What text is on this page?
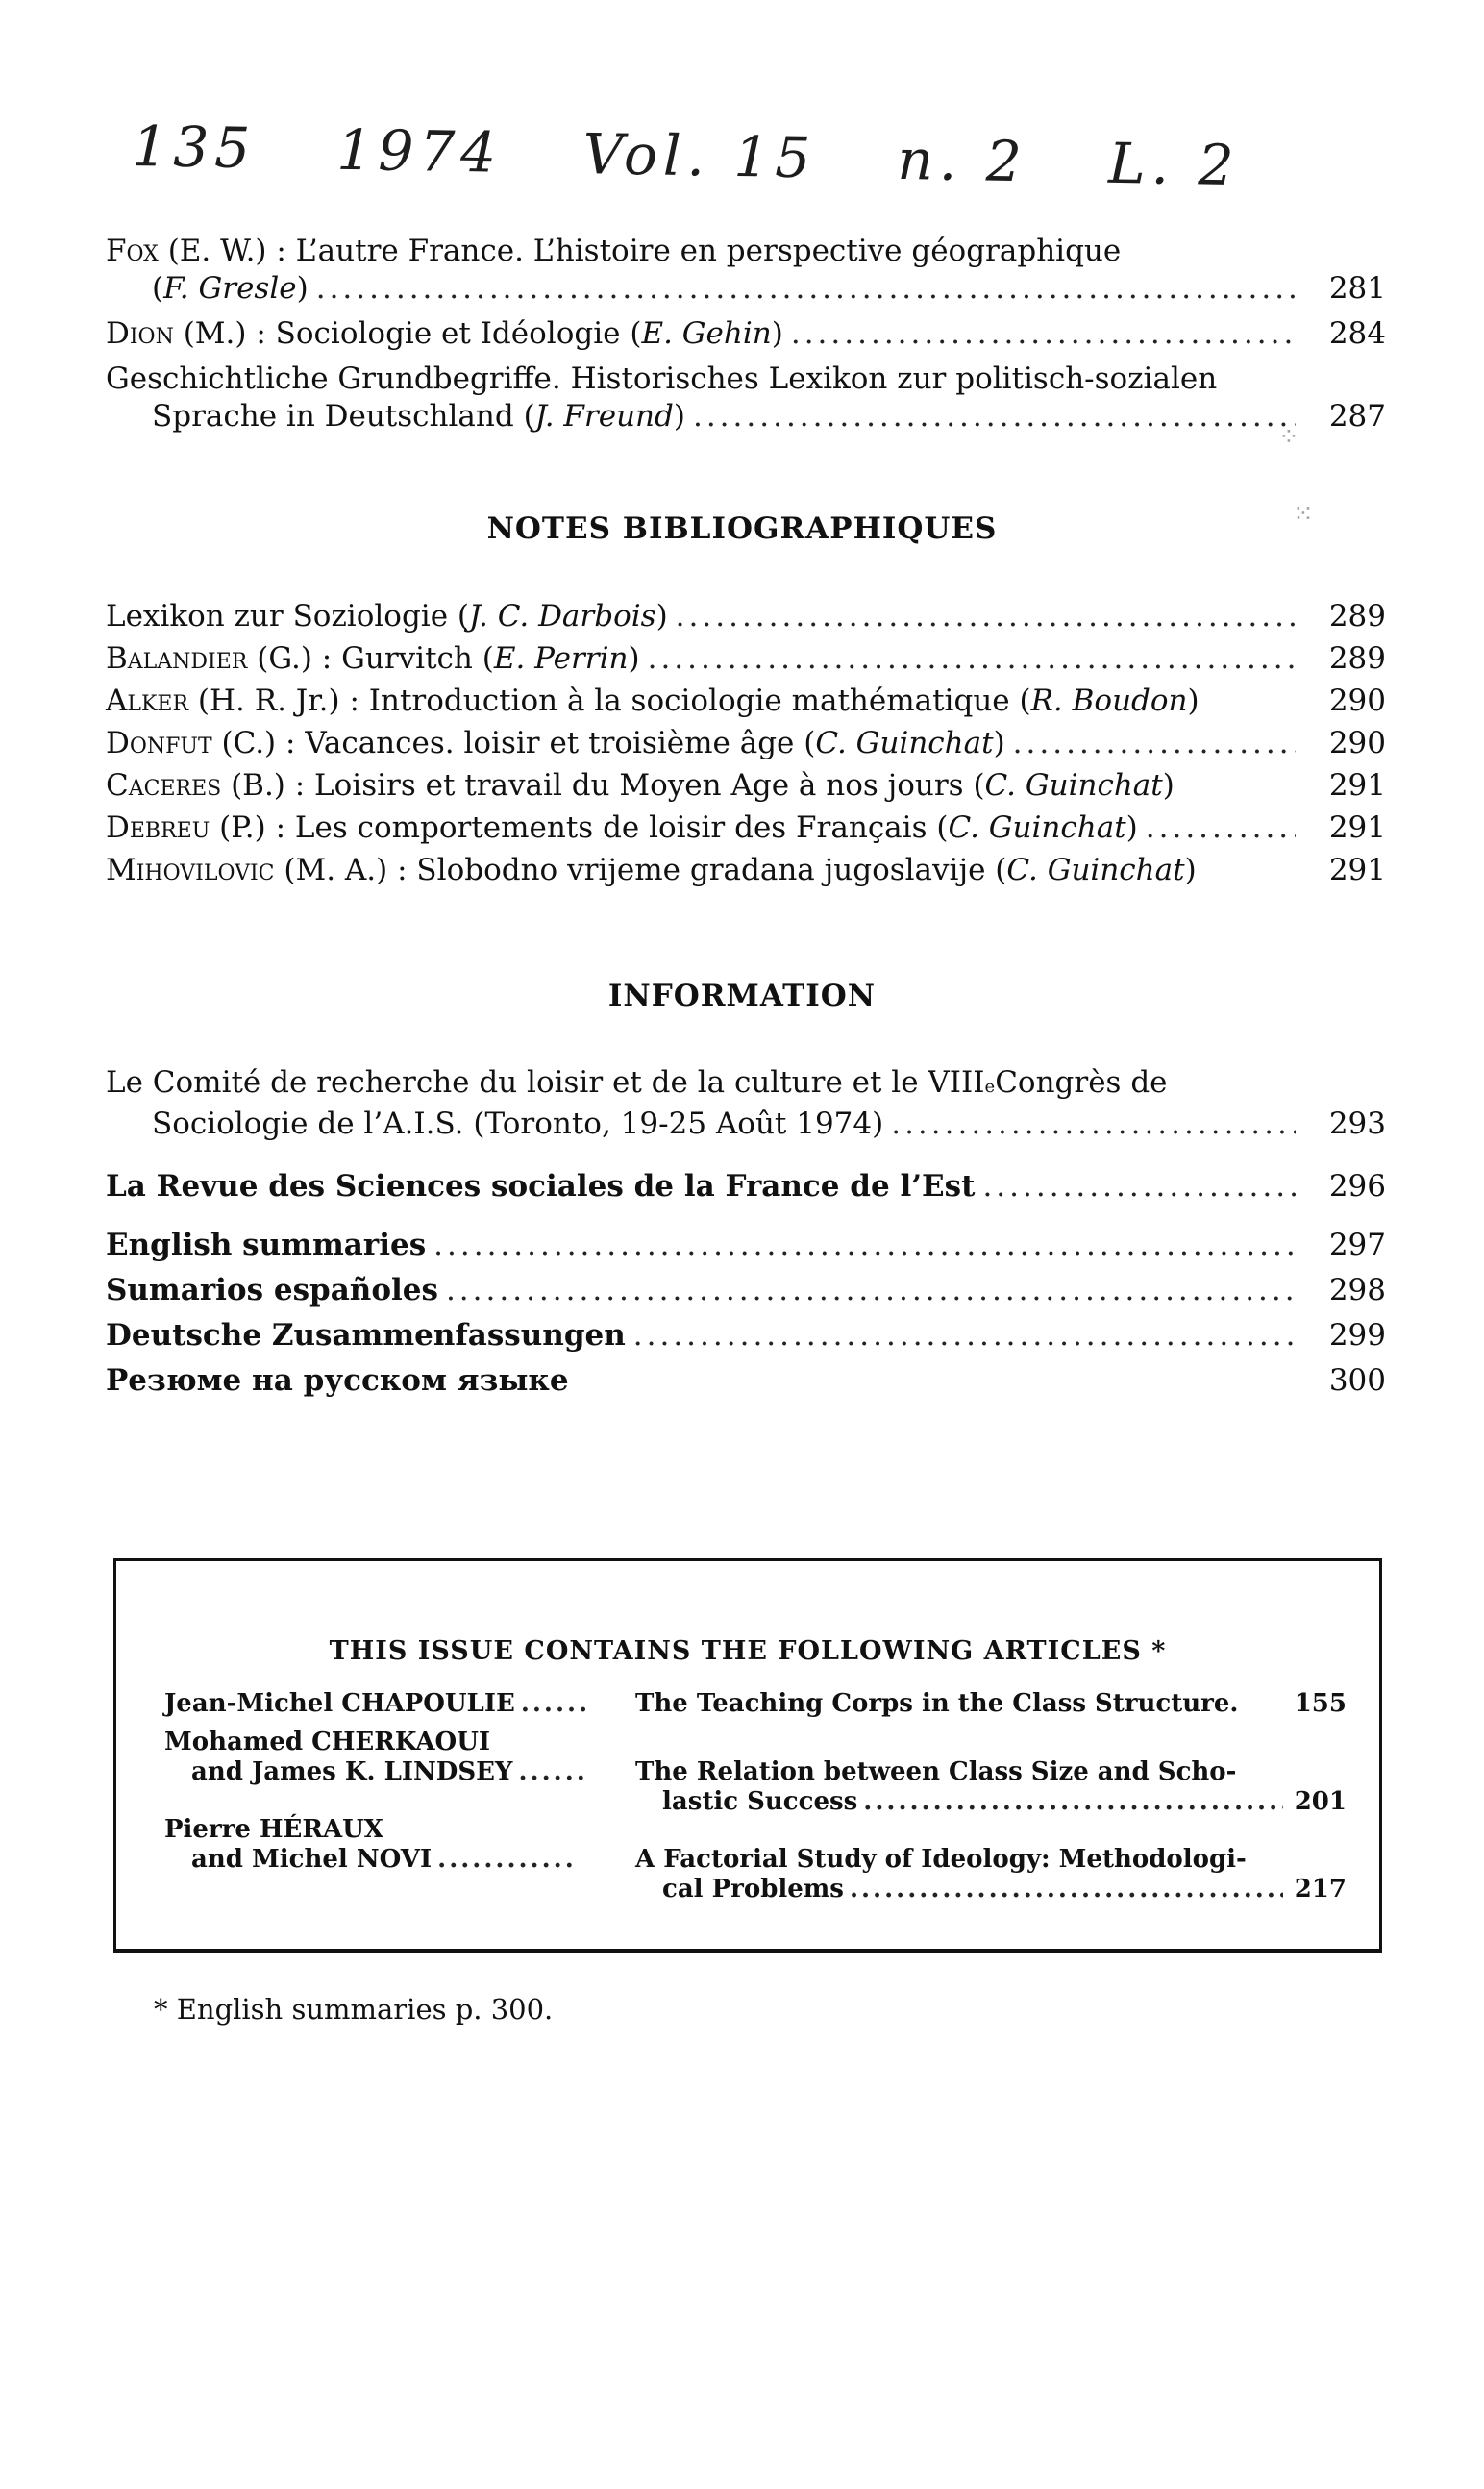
135 1974 Vol. 15 n. 2 L. 2
Fox
(E. W.) : L’autre France. L’histoire en perspective géographique
(F. Gresle) .....	281
Dion
(M.) : Sociologie et Idéologie ( E. Gehin ) .....	284
Geschichtliche Grundbegriffe. Historisches Lexikon zur politisch-sozialen
Sprache in Deutschland ( J. Freund ) .....	287
⁘
⁙
NOTES BIBLIOGRAPHIQUES
Lexikon zur Soziologie ( J. C. Darbois ) .....	289
Balandier
(G.) : Gurvitch ( E. Perrin ) .....	289
Alker
(H. R. Jr.) : Introduction à la sociologie mathématique ( R. Boudon )	290
Donfut
(C.) : Vacances. loisir et troisième âge ( C. Guinchat ) .....	290
Caceres
(B.) : Loisirs et travail du Moyen Age à nos jours ( C. Guinchat )	291
Debreu
(P.) : Les comportements de loisir des Français ( C. Guinchat ) .....	291
Mihovilovic
(M. A.) : Slobodno vrijeme gradana jugoslavije ( C. Guinchat )	291
INFORMATION
Le Comité de recherche du loisir et de la culture et le VIII e Congrès de
Sociologie de l’A.I.S. (Toronto, 19-25 Août 1974) .....	293
La Revue des Sciences sociales de la France de l’Est .....	296
English summaries .....	297
Sumarios españoles .....	298
Deutsche Zusammenfassungen .....	299
Резюме на русском языке	300
THIS ISSUE CONTAINS THE FOLLOWING ARTICLES *
Jean-Michel CHAPOULIE .....	The Teaching Corps in the Class Structure. 155
Mohamed CHERKAOUI
and James K. LINDSEY .....	The Relation between Class Size and Scho-
lastic Success .....	201
Pierre HÉRAUX
and Michel NOVI .....	A Factorial Study of Ideology: Methodologi-
cal Problems .....	217
* English summaries p. 300.
